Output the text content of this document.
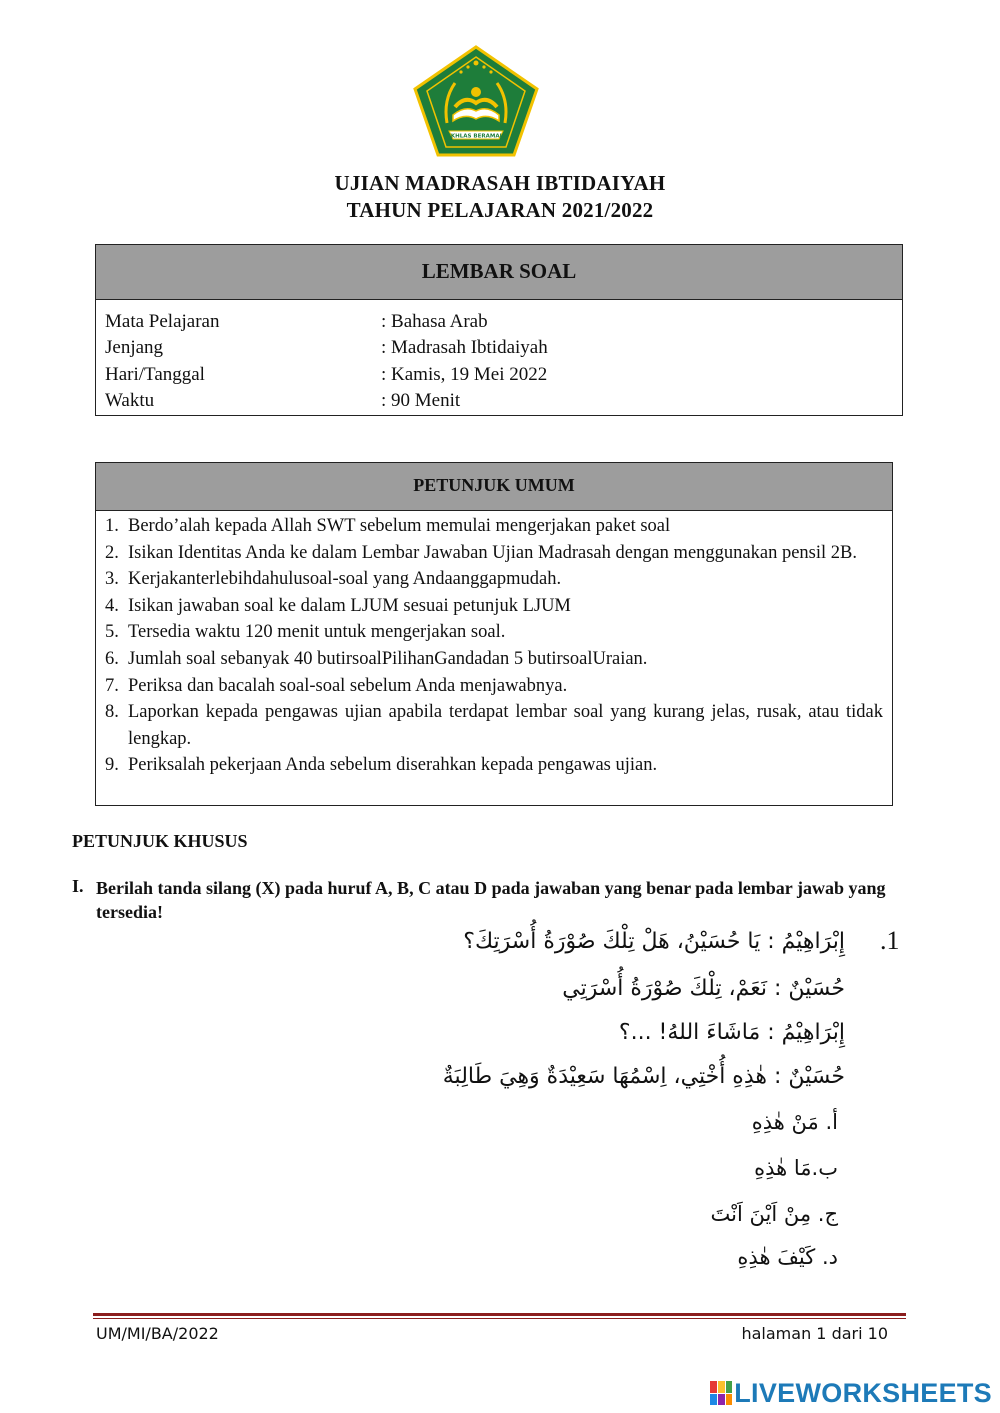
IKHLAS BERAMAL
UJIAN MADRASAH IBTIDAIYAH
TAHUN PELAJARAN 2021/2022
LEMBAR SOAL
Mata Pelajaran	: Bahasa Arab
Jenjang	: Madrasah Ibtidaiyah
Hari/Tanggal	: Kamis, 19 Mei 2022
Waktu	: 90 Menit
PETUNJUK UMUM
1. Berdo’alah kepada Allah SWT sebelum memulai mengerjakan paket soal
2. Isikan Identitas Anda ke dalam Lembar Jawaban Ujian Madrasah dengan menggunakan pensil 2B.
3. Kerjakanterlebihdahulusoal-soal yang Andaanggapmudah.
4. Isikan jawaban soal ke dalam LJUM sesuai petunjuk LJUM
5. Tersedia waktu 120 menit untuk mengerjakan soal.
6. Jumlah soal sebanyak 40 butirsoalPilihanGandadan 5 butirsoalUraian.
7. Periksa dan bacalah soal-soal sebelum Anda menjawabnya.
8. Laporkan kepada pengawas ujian apabila terdapat lembar soal yang kurang jelas, rusak, atau tidak lengkap.
9. Periksalah pekerjaan Anda sebelum diserahkan kepada pengawas ujian.
PETUNJUK KHUSUS
I. Berilah tanda silang (X) pada huruf A, B, C atau D pada jawaban yang benar pada lembar jawab yang tersedia!
.1
إِبْرَاهِيْمُ : يَا حُسَيْنُ، هَلْ تِلْكَ صُوْرَةُ أُسْرَتِكَ؟
حُسَيْنٌ : نَعَمْ، تِلْكَ صُوْرَةُ أُسْرَتِي
إِبْرَاهِيْمُ : مَاشَاءَ اللهُ! ...؟
حُسَيْنٌ : هٰذِهِ أُخْتِي، اِسْمُهَا سَعِيْدَةٌ وَهِيَ طَالِبَةٌ
أ. مَنْ هٰذِهِ
ب.مَا هٰذِهِ
ج. مِنْ اَيْنَ اَنْتَ
د. كَيْفَ هٰذِهِ
UM/MI/BA/2022	halaman 1 dari 10
LIVEWORKSHEETS
